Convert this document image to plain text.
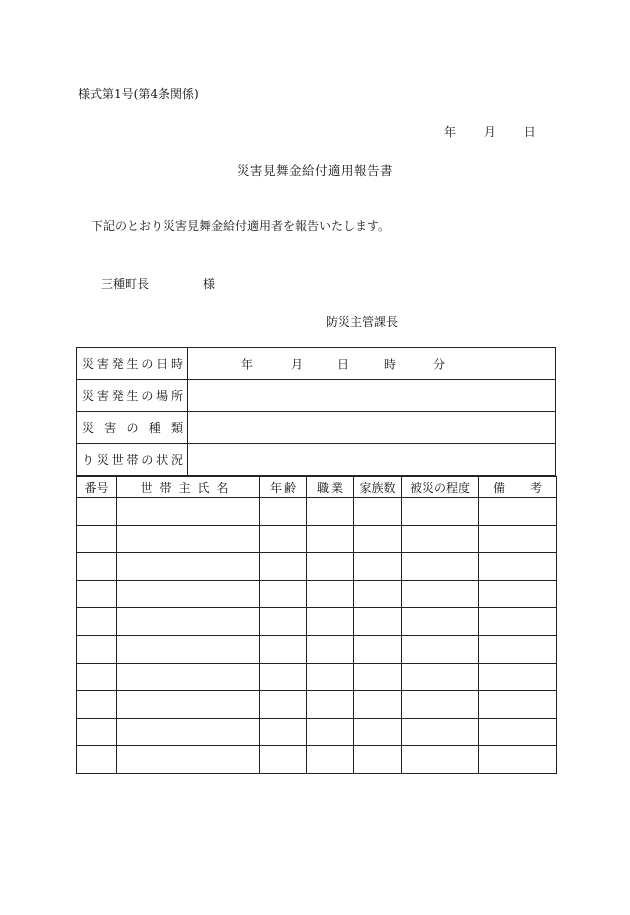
様式第1号(第4条関係)
年 月 日
災害見舞金給付適用報告書
下記のとおり災害見舞金給付適用者を報告いたします。
三種町長	様
防災主管課長
災害発生の日時	年 月 日 時 分

災害発生の場所	
災害の種類	
り災世帯の状況	
番号	世帯主氏名	年 齢	職 業	家族数	被災の程度	備 考
